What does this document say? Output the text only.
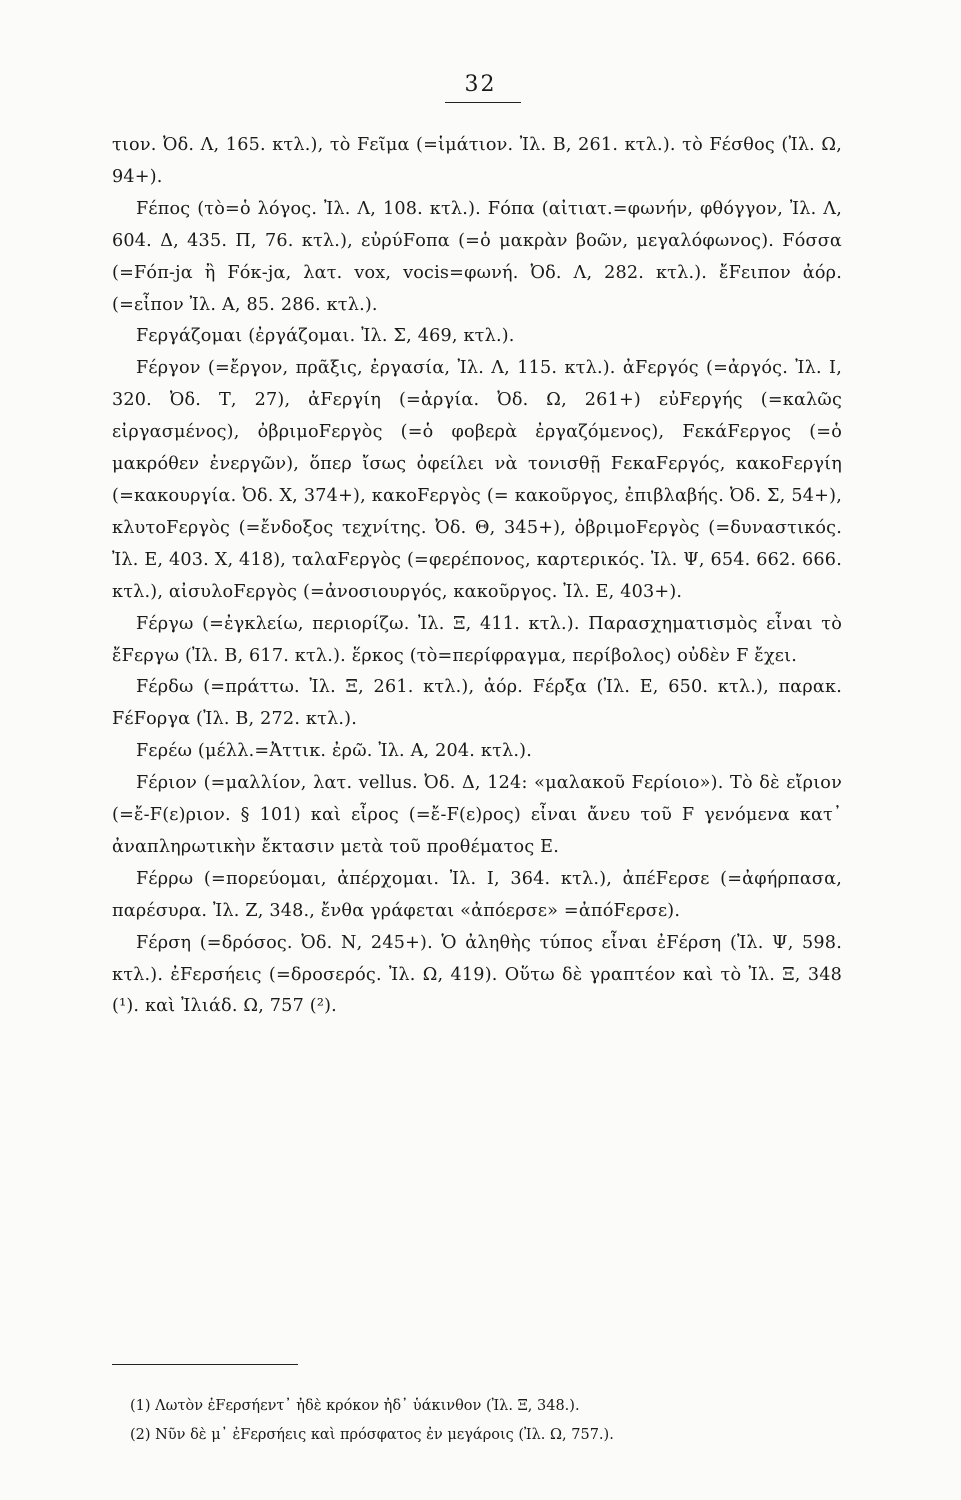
32

τιον. Ὀδ. Λ, 165. κτλ.), τὸ Fεῖμα (=ἱμάτιον. Ἰλ. Β, 261. κτλ.). τὸ Fέσθος (Ἰλ. Ω, 94+).

Fέπος (τὸ=ὁ λόγος. Ἰλ. Λ, 108. κτλ.). Fόπα (αἰτιατ.=φωνήν, φθόγγον, Ἰλ. Λ, 604. Δ, 435. Π, 76. κτλ.), εὐρύFοπα (=ὁ μακρὰν βοῶν, μεγαλόφωνος). Fόσσα (=Fόπ-jα ἢ Fόκ-jα, λατ. vox, vocis=φωνή. Ὀδ. Λ, 282. κτλ.). ἔFειπον ἀόρ. (=εἶπον Ἰλ. Α, 85. 286. κτλ.).

Fεργάζομαι (ἐργάζομαι. Ἰλ. Σ, 469, κτλ.).

Fέργον (=ἔργον, πρᾶξις, ἐργασία, Ἰλ. Λ, 115. κτλ.). ἀFεργός (=ἀργός. Ἰλ. Ι, 320. Ὀδ. Τ, 27), ἀFεργίη (=ἀργία. Ὀδ. Ω, 261+) εὐFεργής (=καλῶς εἰργασμένος), ὀβριμοFεργὸς (=ὁ φοβερὰ ἐργαζόμενος), FεκάFεργος (=ὁ μακρόθεν ἐνεργῶν), ὅπερ ἴσως ὀφείλει νὰ τονισθῇ FεκαFεργός, κακοFεργίη (=κακουργία. Ὀδ. Χ, 374+), κακοFεργὸς (= κακοῦργος, ἐπιβλαβής. Ὀδ. Σ, 54+), κλυτοFεργὸς (=ἔνδοξος τεχνίτης. Ὀδ. Θ, 345+), ὀβριμοFεργὸς (=δυναστικός. Ἰλ. Ε, 403. Χ, 418), ταλαFεργὸς (=φερέπονος, καρτερικός. Ἰλ. Ψ, 654. 662. 666. κτλ.), αἰσυλοFεργὸς (=ἀνοσιουργός, κακοῦργος. Ἰλ. Ε, 403+).

Fέργω (=ἐγκλείω, περιορίζω. Ἰλ. Ξ, 411. κτλ.). Παρασχηματισμὸς εἶναι τὸ ἔFεργω (Ἰλ. Β, 617. κτλ.). ἕρκος (τὸ=περίφραγμα, περίβολος) οὐδὲν F ἔχει.

Fέρδω (=πράττω. Ἰλ. Ξ, 261. κτλ.), ἀόρ. Fέρξα (Ἰλ. Ε, 650. κτλ.), παρακ. FέFοργα (Ἰλ. Β, 272. κτλ.).

Fερέω (μέλλ.=Ἀττικ. ἐρῶ. Ἰλ. Α, 204. κτλ.).

Fέριον (=μαλλίον, λατ. vellus. Ὀδ. Δ, 124: «μαλακοῦ Fερίοιο»). Τὸ δὲ εἴριον (=ἔ-F(ε)ριον. § 101) καὶ εἶρος (=ἔ-F(ε)ρος) εἶναι ἄνευ τοῦ F γενόμενα κατ᾽ ἀναπληρωτικὴν ἔκτασιν μετὰ τοῦ προθέματος Ε.

Fέρρω (=πορεύομαι, ἀπέρχομαι. Ἰλ. Ι, 364. κτλ.), ἀπέFερσε (=ἀφήρπασα, παρέσυρα. Ἰλ. Ζ, 348., ἔνθα γράφεται «ἀπόερσε» =ἀπόFερσε).

Fέρση (=δρόσος. Ὀδ. Ν, 245+). Ὁ ἀληθὴς τύπος εἶναι ἐFέρση (Ἰλ. Ψ, 598. κτλ.). ἐFερσήεις (=δροσερός. Ἰλ. Ω, 419). Οὕτω δὲ γραπτέον καὶ τὸ Ἰλ. Ξ, 348 (¹). καὶ Ἰλιάδ. Ω, 757 (²).

(1) Λωτὸν ἐFερσήεντ᾽ ἠδὲ κρόκον ἠδ᾽ ὑάκινθον (Ἰλ. Ξ, 348.).

(2) Νῦν δὲ μ᾽ ἐFερσήεις καὶ πρόσφατος ἐν μεγάροις (Ἰλ. Ω, 757.).
